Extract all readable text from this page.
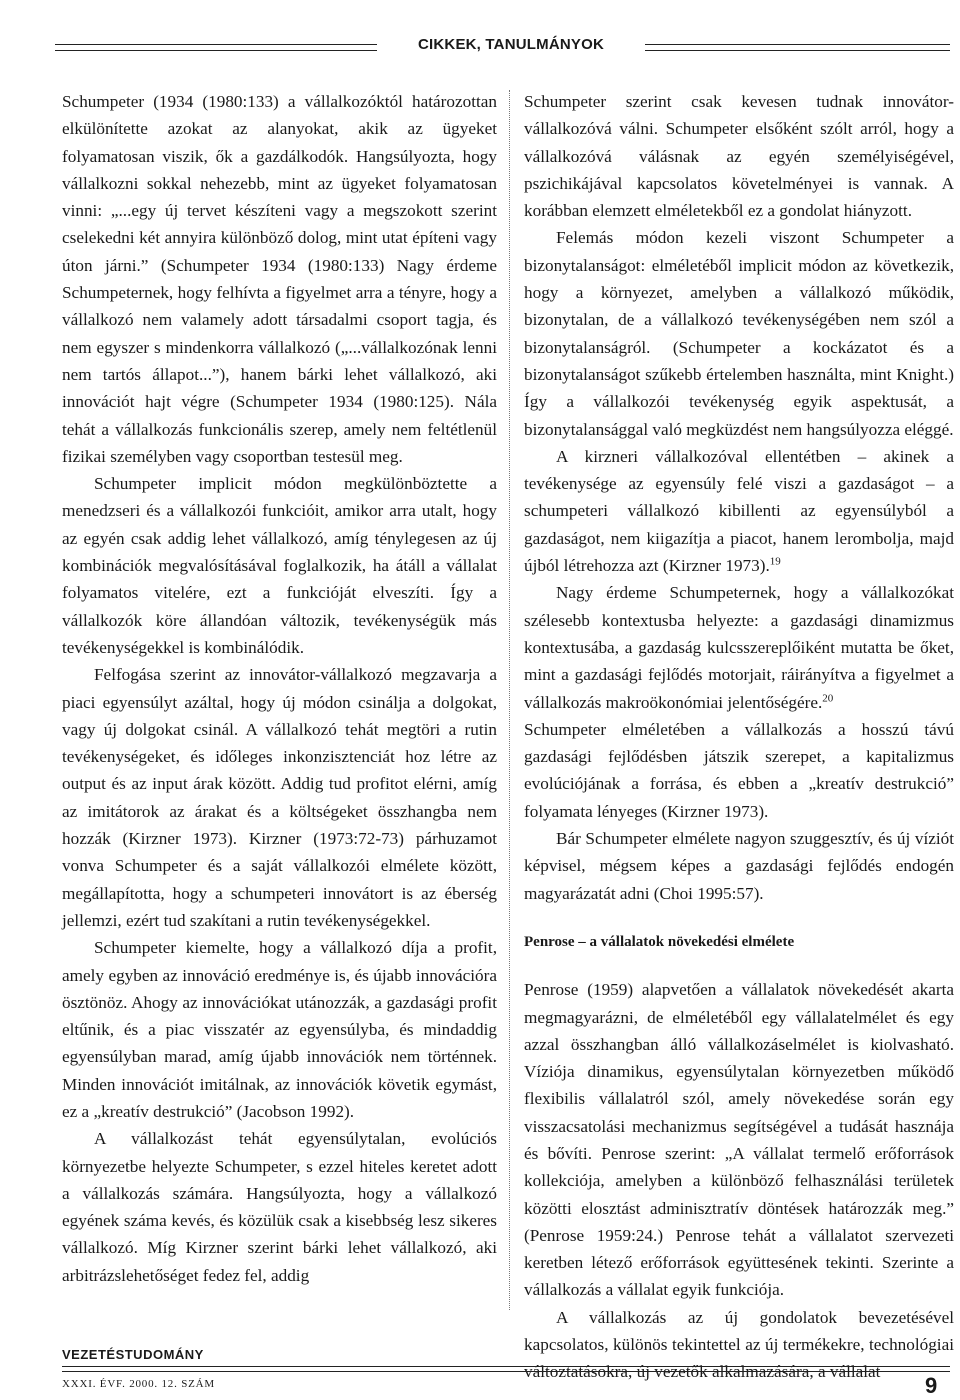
CIKKEK, TANULMÁNYOK

Schumpeter (1934 (1980:133) a vállalkozóktól határozottan elkülönítette azokat az alanyokat, akik az ügyeket folyamatosan viszik, ők a gazdálkodók. Hangsúlyozta, hogy vállalkozni sokkal nehezebb, mint az ügyeket folyamatosan vinni: „...egy új tervet készíteni vagy a megszokott szerint cselekedni két annyira különböző dolog, mint utat építeni vagy úton járni.” (Schumpeter 1934 (1980:133) Nagy érdeme Schumpeternek, hogy felhívta a figyelmet arra a tényre, hogy a vállalkozó nem valamely adott társadalmi csoport tagja, és nem egyszer s mindenkorra vállalkozó („...vállalkozónak lenni nem tartós állapot...”), hanem bárki lehet vállalkozó, aki innovációt hajt végre (Schumpeter 1934 (1980:125). Nála tehát a vállalkozás funkcionális szerep, amely nem feltétlenül fizikai személyben vagy csoportban testesül meg.

Schumpeter implicit módon megkülönböztette a menedzseri és a vállalkozói funkcióit, amikor arra utalt, hogy az egyén csak addig lehet vállalkozó, amíg ténylegesen az új kombinációk megvalósításával foglalkozik, ha átáll a vállalat folyamatos vitelére, ezt a funkcióját elveszíti. Így a vállalkozók köre állandóan változik, tevékenységük más tevékenységekkel is kombinálódik.

Felfogása szerint az innovátor-vállalkozó megzavarja a piaci egyensúlyt azáltal, hogy új módon csinálja a dolgokat, vagy új dolgokat csinál. A vállalkozó tehát megtöri a rutin tevékenységeket, és időleges inkonzisztenciát hoz létre az output és az input árak között. Addig tud profitot elérni, amíg az imitátorok az árakat és a költségeket összhangba nem hozzák (Kirzner 1973). Kirzner (1973:72-73) párhuzamot vonva Schumpeter és a saját vállalkozói elmélete között, megállapította, hogy a schumpeteri innovátort is az éberség jellemzi, ezért tud szakítani a rutin tevékenységekkel.

Schumpeter kiemelte, hogy a vállalkozó díja a profit, amely egyben az innováció eredménye is, és újabb innovációra ösztönöz. Ahogy az innovációkat utánozzák, a gazdasági profit eltűnik, és a piac visszatér az egyensúlyba, és mindaddig egyensúlyban marad, amíg újabb innovációk nem történnek. Minden innovációt imitálnak, az innovációk követik egymást, ez a „kreatív destrukció” (Jacobson 1992).

A vállalkozást tehát egyensúlytalan, evolúciós környezetbe helyezte Schumpeter, s ezzel hiteles keretet adott a vállalkozás számára. Hangsúlyozta, hogy a vállalkozó egyének száma kevés, és közülük csak a kisebbség lesz sikeres vállalkozó. Míg Kirzner szerint bárki lehet vállalkozó, aki arbitrázslehetőséget fedez fel, addig

Schumpeter szerint csak kevesen tudnak innovátor-vállalkozóvá válni. Schumpeter elsőként szólt arról, hogy a vállalkozóvá válásnak az egyén személyiségével, pszichikájával kapcsolatos követelményei is vannak. A korábban elemzett elméletekből ez a gondolat hiányzott.

Felemás módon kezeli viszont Schumpeter a bizonytalanságot: elméletéből implicit módon az következik, hogy a környezet, amelyben a vállalkozó működik, bizonytalan, de a vállalkozó tevékenységében nem szól a bizonytalanságról. (Schumpeter a kockázatot és a bizonytalanságot szűkebb értelemben használta, mint Knight.) Így a vállalkozói tevékenység egyik aspektusát, a bizonytalansággal való megküzdést nem hangsúlyozza eléggé.

A kirzneri vállalkozóval ellentétben – akinek a tevékenysége az egyensúly felé viszi a gazdaságot – a schumpeteri vállalkozó kibillenti az egyensúlyból a gazdaságot, nem kiigazítja a piacot, hanem lerombolja, majd újból létrehozza azt (Kirzner 1973).$^{19}$

Nagy érdeme Schumpeternek, hogy a vállalkozókat szélesebb kontextusba helyezte: a gazdasági dinamizmus kontextusába, a gazdaság kulcsszereplőiként mutatta be őket, mint a gazdasági fejlődés motorjait, ráirányítva a figyelmet a vállalkozás makroökonómiai jelentőségére.$^{20}$

Schumpeter elméletében a vállalkozás a hosszú távú gazdasági fejlődésben játszik szerepet, a kapitalizmus evolúciójának a forrása, és ebben a „kreatív destrukció” folyamata lényeges (Kirzner 1973).

Bár Schumpeter elmélete nagyon szuggesztív, és új víziót képvisel, mégsem képes a gazdasági fejlődés endogén magyarázatát adni (Choi 1995:57).

Penrose – a vállalatok növekedési elmélete

Penrose (1959) alapvetően a vállalatok növekedését akarta megmagyarázni, de elméletéből egy vállalatelmélet és egy azzal összhangban álló vállalkozáselmélet is kiolvasható. Víziója dinamikus, egyensúlytalan környezetben működő flexibilis vállalatról szól, amely növekedése során egy visszacsatolási mechanizmus segítségével a tudását hasznája és bővíti. Penrose szerint: „A vállalat termelő erőforrások kollekciója, amelyben a különböző felhasználási területek közötti elosztást adminisztratív döntések határozzák meg.” (Penrose 1959:24.) Penrose tehát a vállalatot szervezeti keretben létező erőforrások együttesének tekinti. Szerinte a vállalkozás a vállalat egyik funkciója.

A vállalkozás az új gondolatok bevezetésével kapcsolatos, különös tekintettel az új termékekre, technológiai változtatásokra, új vezetők alkalmazására, a vállalat

VEZETÉSTUDOMÁNY
XXXI. ÉVF. 2000. 12. SZÁM	9
